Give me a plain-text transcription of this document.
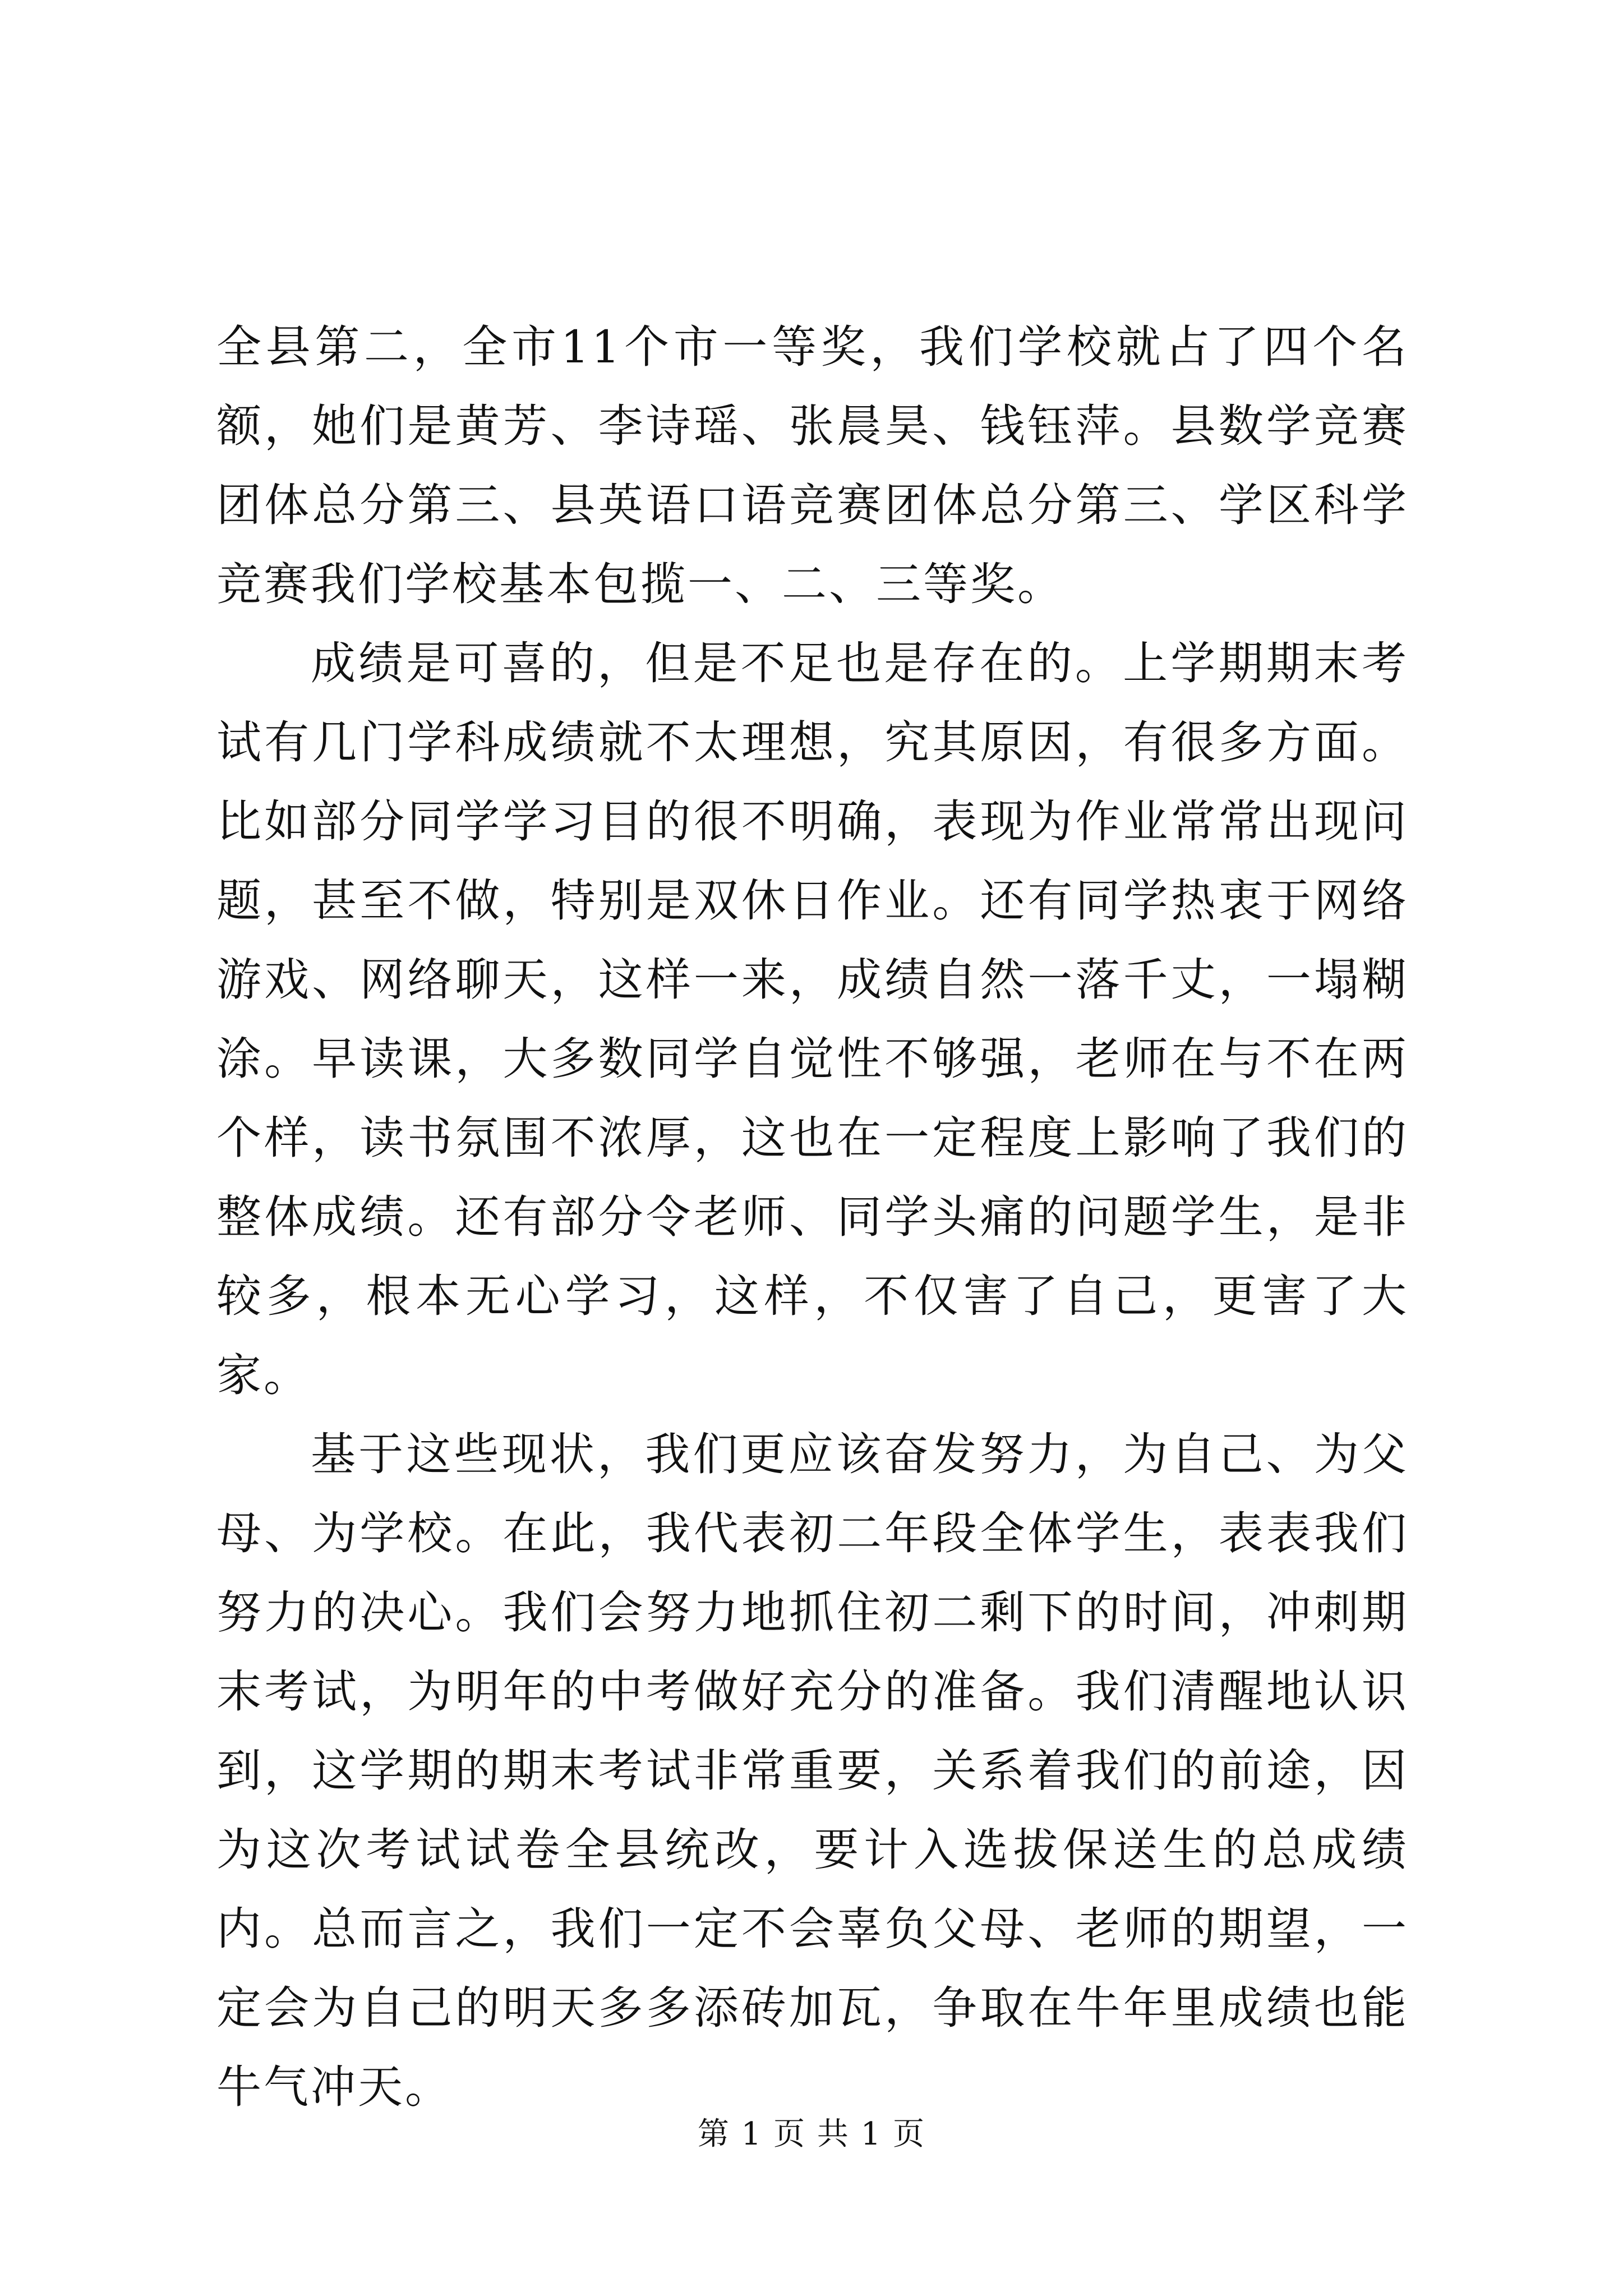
全县第二，全市11个市一等奖，我们学校就占了四个名额，她们是黄芳、李诗瑶、张晨昊、钱钰萍。县数学竞赛团体总分第三、县英语口语竞赛团体总分第三、学区科学竞赛我们学校基本包揽一、二、三等奖。

成绩是可喜的，但是不足也是存在的。上学期期末考试有几门学科成绩就不太理想，究其原因，有很多方面。比如部分同学学习目的很不明确，表现为作业常常出现问题，甚至不做，特别是双休日作业。还有同学热衷于网络游戏、网络聊天，这样一来，成绩自然一落千丈，一塌糊涂。早读课，大多数同学自觉性不够强，老师在与不在两个样，读书氛围不浓厚，这也在一定程度上影响了我们的整体成绩。还有部分令老师、同学头痛的问题学生，是非较多，根本无心学习，这样，不仅害了自己，更害了大家。

基于这些现状，我们更应该奋发努力，为自己、为父母、为学校。在此，我代表初二年段全体学生，表表我们努力的决心。我们会努力地抓住初二剩下的时间，冲刺期末考试，为明年的中考做好充分的准备。我们清醒地认识到，这学期的期末考试非常重要，关系着我们的前途，因为这次考试试卷全县统改，要计入选拔保送生的总成绩内。总而言之，我们一定不会辜负父母、老师的期望，一定会为自己的明天多多添砖加瓦，争取在牛年里成绩也能牛气冲天。

第 1 页 共 1 页
